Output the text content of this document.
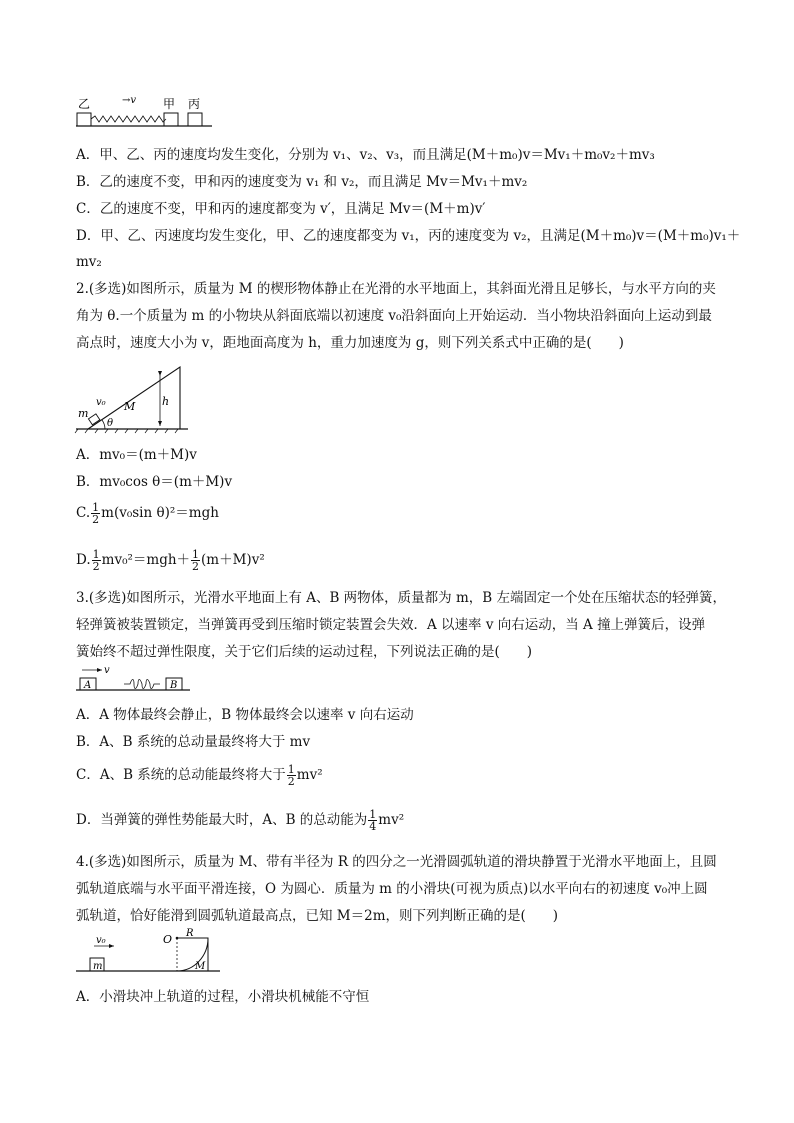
乙	→v 甲 丙
A．甲、乙、丙的速度均发生变化，分别为 v₁、v₂、v₃，而且满足(M＋m₀)v＝Mv₁＋m₀v₂＋mv₃
B．乙的速度不变，甲和丙的速度变为 v₁ 和 v₂，而且满足 Mv＝Mv₁＋mv₂
C．乙的速度不变，甲和丙的速度都变为 v′，且满足 Mv＝(M＋m)v′
D．甲、乙、丙速度均发生变化，甲、乙的速度都变为 v₁，丙的速度变为 v₂，且满足(M＋m₀)v＝(M＋m₀)v₁＋
mv₂
2.(多选)如图所示，质量为 M 的楔形物体静止在光滑的水平地面上，其斜面光滑且足够长，与水平方向的夹
角为 θ.一个质量为 m 的小物块从斜面底端以初速度 v₀沿斜面向上开始运动．当小物块沿斜面向上运动到最
高点时，速度大小为 v，距地面高度为 h，重力加速度为 g，则下列关系式中正确的是(　　)
m
v₀ M h
θ
A．mv₀＝(m＋M)v
B．mv₀cos θ＝(m＋M)v
C. $\frac{1}{2} m(v_0\sin$ θ)²＝mgh
D. $\frac{1}{2} mv_0^2=mgh+ \frac{1}{2} (m+M)v^2$
3.(多选)如图所示，光滑水平地面上有 A、B 两物体，质量都为 m，B 左端固定一个处在压缩状态的轻弹簧，
轻弹簧被装置锁定，当弹簧再受到压缩时锁定装置会失效．A 以速率 v 向右运动，当 A 撞上弹簧后，设弹
簧始终不超过弹性限度，关于它们后续的运动过程，下列说法正确的是(　　)
v
A	B
A．A 物体最终会静止，B 物体最终会以速率 v 向右运动
B．A、B 系统的总动量最终将大于 mv
C．A、B 系统的总动能最终将大于 $\frac{1}{2} mv^2$
D．当弹簧的弹性势能最大时，A、B 的总动能为 $\frac{1}{4} mv^2$
4.(多选)如图所示，质量为 M、带有半径为 R 的四分之一光滑圆弧轨道的滑块静置于光滑水平地面上，且圆
弧轨道底端与水平面平滑连接，O 为圆心．质量为 m 的小滑块(可视为质点)以水平向右的初速度 v₀冲上圆
弧轨道，恰好能滑到圆弧轨道最高点，已知 M＝2m，则下列判断正确的是(　　)
v₀
m
O R
M
A．小滑块冲上轨道的过程，小滑块机械能不守恒
